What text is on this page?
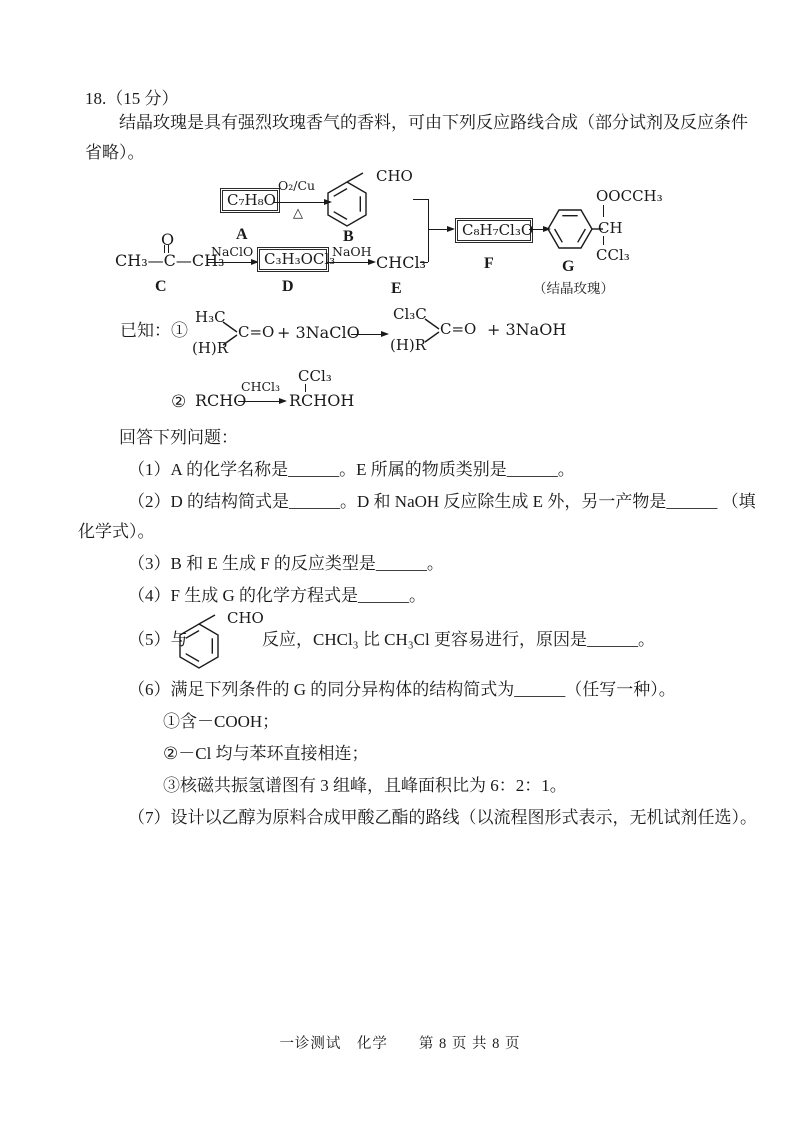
18.（15 分）
结晶玫瑰是具有强烈玫瑰香气的香料，可由下列反应路线合成（部分试剂及反应条件
省略）。
C₇H₈O
O₂/Cu
△
A
CHO
B
CH₃—C—CH₃
O
C
NaClO C₃H₃OCl₃
D
NaOH
CHCl₃
E
C₈H₇Cl₃O
F
OOCCH₃
CH
CCl₃
G
（结晶玫瑰）
已知：①
H₃C
(H)R
C=O + 3NaClO
Cl₃C
(H)R
C=O + 3NaOH
② RCHO
CHCl₃
CCl₃
RCHOH
回答下列问题：
（1）A 的化学名称是______。E 所属的物质类别是______。
（2）D 的结构简式是______。D 和 NaOH 反应除生成 E 外，另一产物是______ （填
化学式）。
（3）B 和 E 生成 F 的反应类型是______。
（4）F 生成 G 的化学方程式是______。
（5）与
CHO
反应，CHCl₃ 比 CH₃Cl 更容易进行，原因是______。
（6）满足下列条件的 G 的同分异构体的结构简式为______（任写一种）。
①含－COOH；
②－Cl 均与苯环直接相连；
③核磁共振氢谱图有 3 组峰，且峰面积比为 6：2：1。
（7）设计以乙醇为原料合成甲酸乙酯的路线（以流程图形式表示，无机试剂任选）。
一诊测试　化学　　第 8 页 共 8 页
